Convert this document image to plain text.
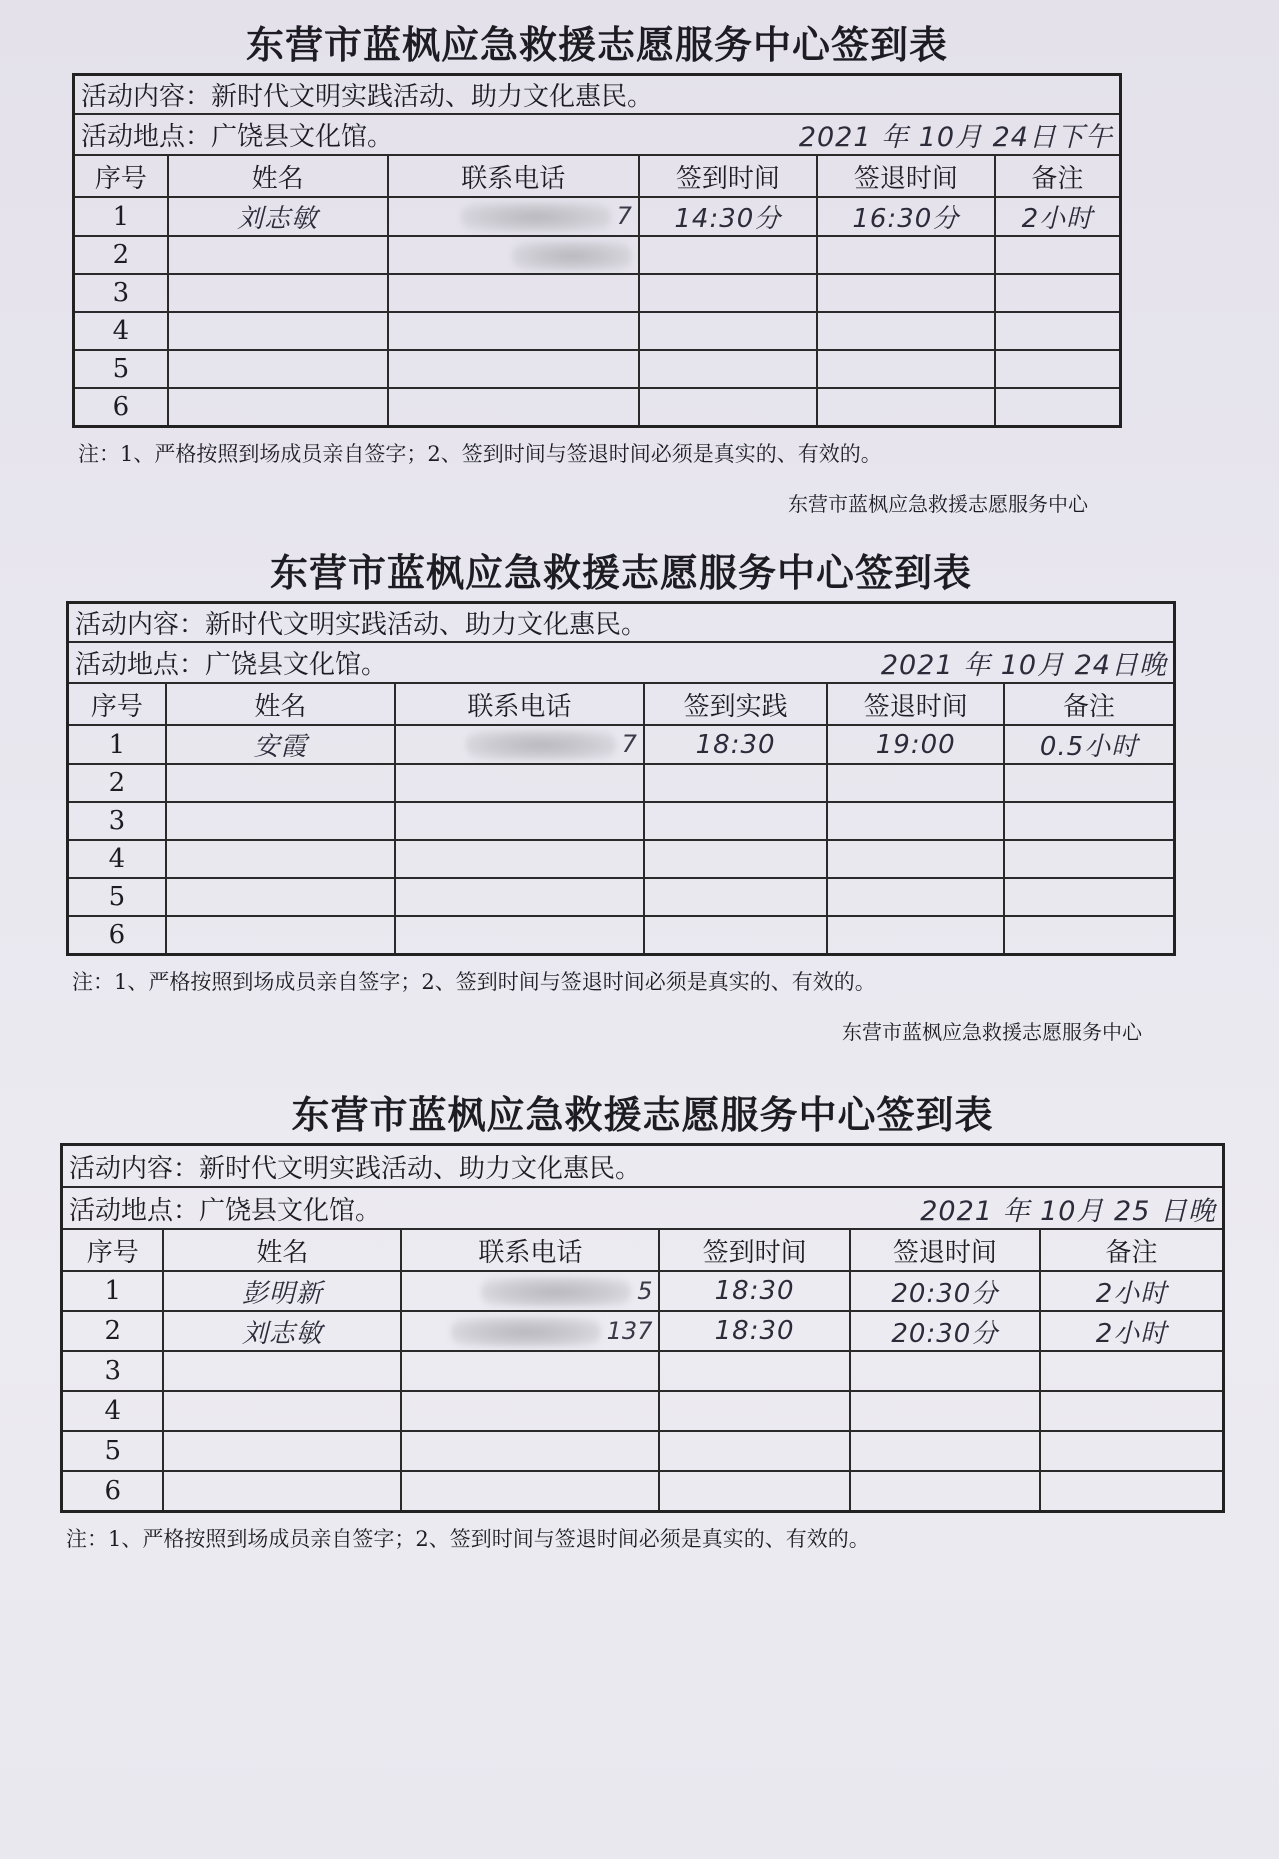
东营市蓝枫应急救援志愿服务中心签到表
活动内容：新时代文明实践活动、助力文化惠民。					

活动地点：广饶县文化馆。 2021 年 10月 24日下午					

序号	姓名	联系电话	签到时间	签退时间	备注
1	刘志敏	7	14:30分	16:30分	2小时
2					
3					
4					
5					
6					
注：1、严格按照到场成员亲自签字；2、签到时间与签退时间必须是真实的、有效的。
东营市蓝枫应急救援志愿服务中心
东营市蓝枫应急救援志愿服务中心签到表
活动内容：新时代文明实践活动、助力文化惠民。					

活动地点：广饶县文化馆。 2021 年 10月 24日晚					

序号	姓名	联系电话	签到实践	签退时间	备注
1	安霞	7	18:30	19:00	0.5小时
2					
3					
4					
5					
6					
注：1、严格按照到场成员亲自签字；2、签到时间与签退时间必须是真实的、有效的。
东营市蓝枫应急救援志愿服务中心
东营市蓝枫应急救援志愿服务中心签到表
活动内容：新时代文明实践活动、助力文化惠民。					

活动地点：广饶县文化馆。 2021 年 10月 25 日晚					

序号	姓名	联系电话	签到时间	签退时间	备注
1	彭明新	5	18:30	20:30分	2小时
2	刘志敏	137	18:30	20:30分	2小时
3					
4					
5					
6					
注：1、严格按照到场成员亲自签字；2、签到时间与签退时间必须是真实的、有效的。
